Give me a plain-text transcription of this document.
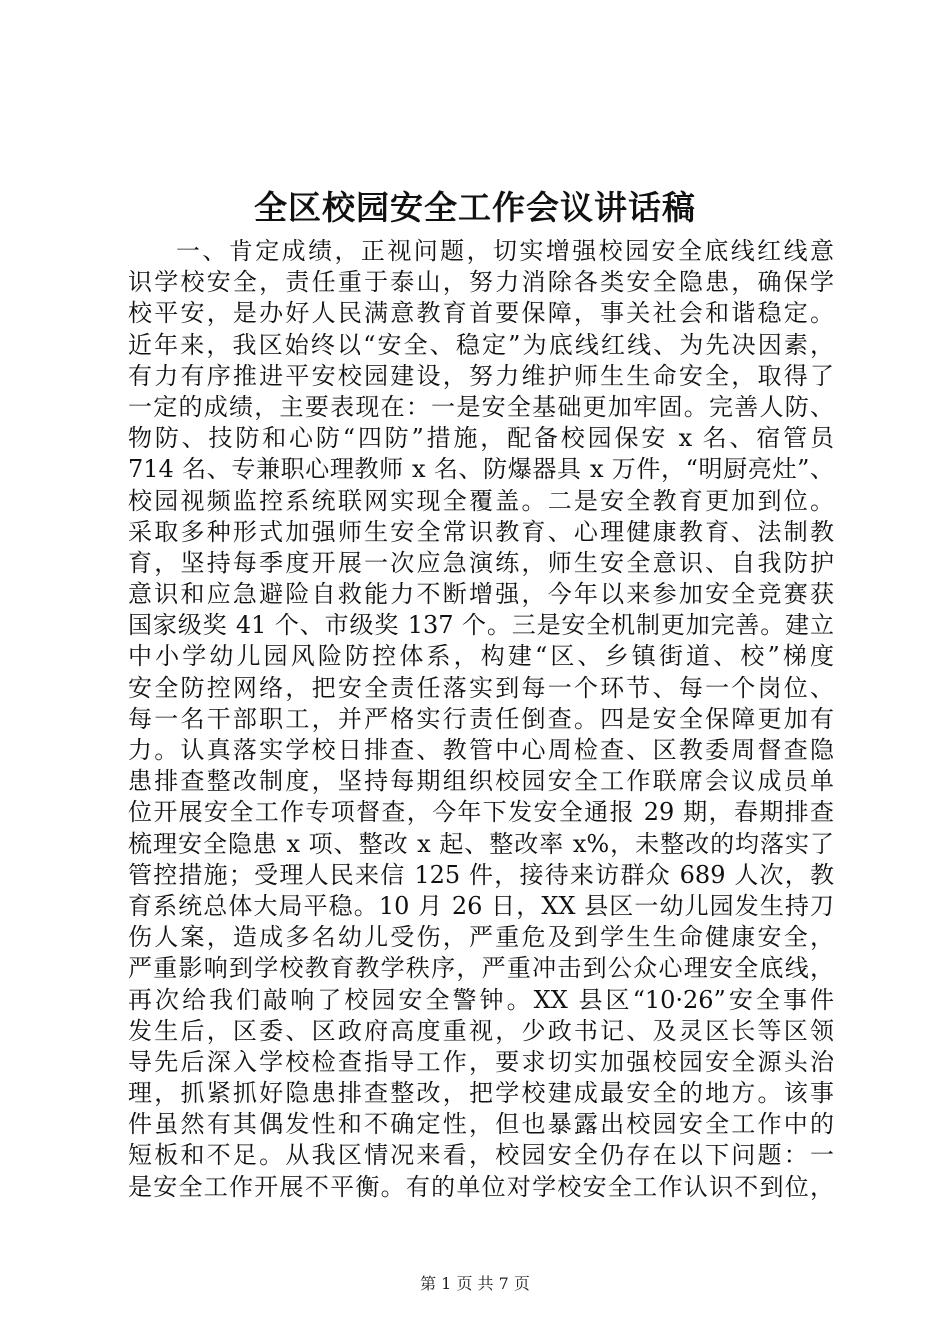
全区校园安全工作会议讲话稿
一、肯定成绩，正视问题，切实增强校园安全底线红线意
识学校安全，责任重于泰山，努力消除各类安全隐患，确保学
校平安，是办好人民满意教育首要保障，事关社会和谐稳定。
近年来，我区始终以“安全、稳定”为底线红线、为先决因素，
有力有序推进平安校园建设，努力维护师生生命安全，取得了
一定的成绩，主要表现在：一是安全基础更加牢固。完善人防、
物防、技防和心防“四防”措施，配备校园保安 x 名、宿管员
714 名、专兼职心理教师 x 名、防爆器具 x 万件，“明厨亮灶”、
校园视频监控系统联网实现全覆盖。二是安全教育更加到位。
采取多种形式加强师生安全常识教育、心理健康教育、法制教
育，坚持每季度开展一次应急演练，师生安全意识、自我防护
意识和应急避险自救能力不断增强，今年以来参加安全竞赛获
国家级奖 41 个、市级奖 137 个。三是安全机制更加完善。建立
中小学幼儿园风险防控体系，构建“区、乡镇街道、校”梯度
安全防控网络，把安全责任落实到每一个环节、每一个岗位、
每一名干部职工，并严格实行责任倒查。四是安全保障更加有
力。认真落实学校日排查、教管中心周检查、区教委周督查隐
患排查整改制度，坚持每期组织校园安全工作联席会议成员单
位开展安全工作专项督查，今年下发安全通报 29 期，春期排查
梳理安全隐患 x 项、整改 x 起、整改率 x%，未整改的均落实了
管控措施；受理人民来信 125 件，接待来访群众 689 人次，教
育系统总体大局平稳。10 月 26 日，XX 县区一幼儿园发生持刀
伤人案，造成多名幼儿受伤，严重危及到学生生命健康安全，
严重影响到学校教育教学秩序，严重冲击到公众心理安全底线，
再次给我们敲响了校园安全警钟。XX 县区“10·26”安全事件
发生后，区委、区政府高度重视，少政书记、及灵区长等区领
导先后深入学校检查指导工作，要求切实加强校园安全源头治
理，抓紧抓好隐患排查整改，把学校建成最安全的地方。该事
件虽然有其偶发性和不确定性，但也暴露出校园安全工作中的
短板和不足。从我区情况来看，校园安全仍存在以下问题：一
是安全工作开展不平衡。有的单位对学校安全工作认识不到位，
第 1 页 共 7 页
